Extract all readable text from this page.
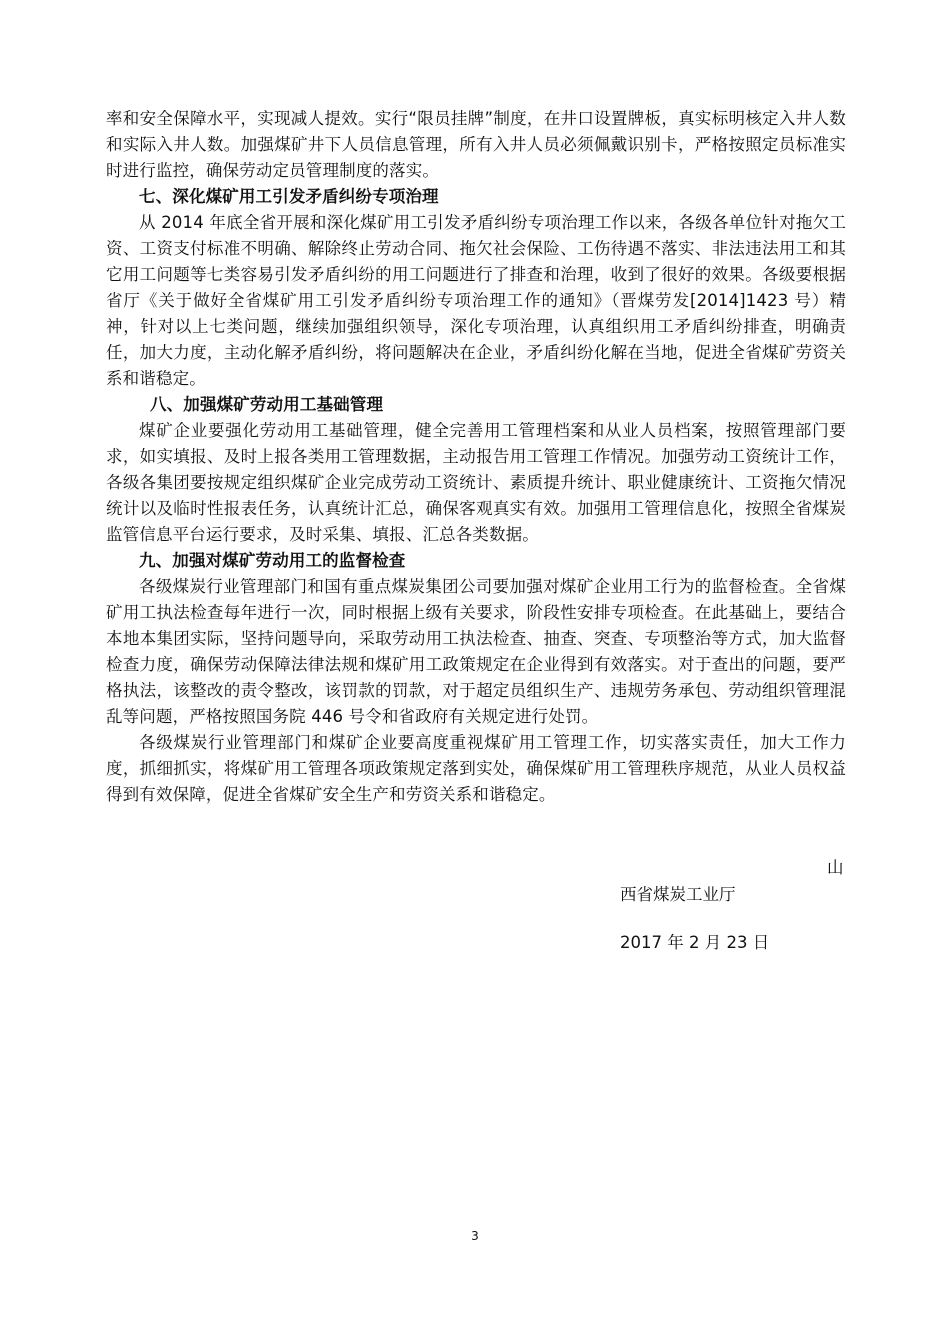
率和安全保障水平，实现减人提效。实行“限员挂牌”制度，在井口设置牌板，真实标明核定入井人数和实际入井人数。加强煤矿井下人员信息管理，所有入井人员必须佩戴识别卡，严格按照定员标准实时进行监控，确保劳动定员管理制度的落实。

七、深化煤矿用工引发矛盾纠纷专项治理

从 2014 年底全省开展和深化煤矿用工引发矛盾纠纷专项治理工作以来，各级各单位针对拖欠工资、工资支付标准不明确、解除终止劳动合同、拖欠社会保险、工伤待遇不落实、非法违法用工和其它用工问题等七类容易引发矛盾纠纷的用工问题进行了排查和治理，收到了很好的效果。各级要根据省厅《关于做好全省煤矿用工引发矛盾纠纷专项治理工作的通知》（晋煤劳发[2014]1423 号）精神，针对以上七类问题，继续加强组织领导，深化专项治理，认真组织用工矛盾纠纷排查，明确责任，加大力度，主动化解矛盾纠纷，将问题解决在企业，矛盾纠纷化解在当地，促进全省煤矿劳资关系和谐稳定。

八、加强煤矿劳动用工基础管理

煤矿企业要强化劳动用工基础管理，健全完善用工管理档案和从业人员档案，按照管理部门要求，如实填报、及时上报各类用工管理数据，主动报告用工管理工作情况。加强劳动工资统计工作，各级各集团要按规定组织煤矿企业完成劳动工资统计、素质提升统计、职业健康统计、工资拖欠情况统计以及临时性报表任务，认真统计汇总，确保客观真实有效。加强用工管理信息化，按照全省煤炭监管信息平台运行要求，及时采集、填报、汇总各类数据。

九、加强对煤矿劳动用工的监督检查

各级煤炭行业管理部门和国有重点煤炭集团公司要加强对煤矿企业用工行为的监督检查。全省煤矿用工执法检查每年进行一次，同时根据上级有关要求，阶段性安排专项检查。在此基础上，要结合本地本集团实际，坚持问题导向，采取劳动用工执法检查、抽查、突查、专项整治等方式，加大监督检查力度，确保劳动保障法律法规和煤矿用工政策规定在企业得到有效落实。对于查出的问题，要严格执法，该整改的责令整改，该罚款的罚款，对于超定员组织生产、违规劳务承包、劳动组织管理混乱等问题，严格按照国务院 446 号令和省政府有关规定进行处罚。

各级煤炭行业管理部门和煤矿企业要高度重视煤矿用工管理工作，切实落实责任，加大工作力度，抓细抓实，将煤矿用工管理各项政策规定落到实处，确保煤矿用工管理秩序规范，从业人员权益得到有效保障，促进全省煤矿安全生产和劳资关系和谐稳定。

山
西省煤炭工业厅
2017 年 2 月 23 日
3
